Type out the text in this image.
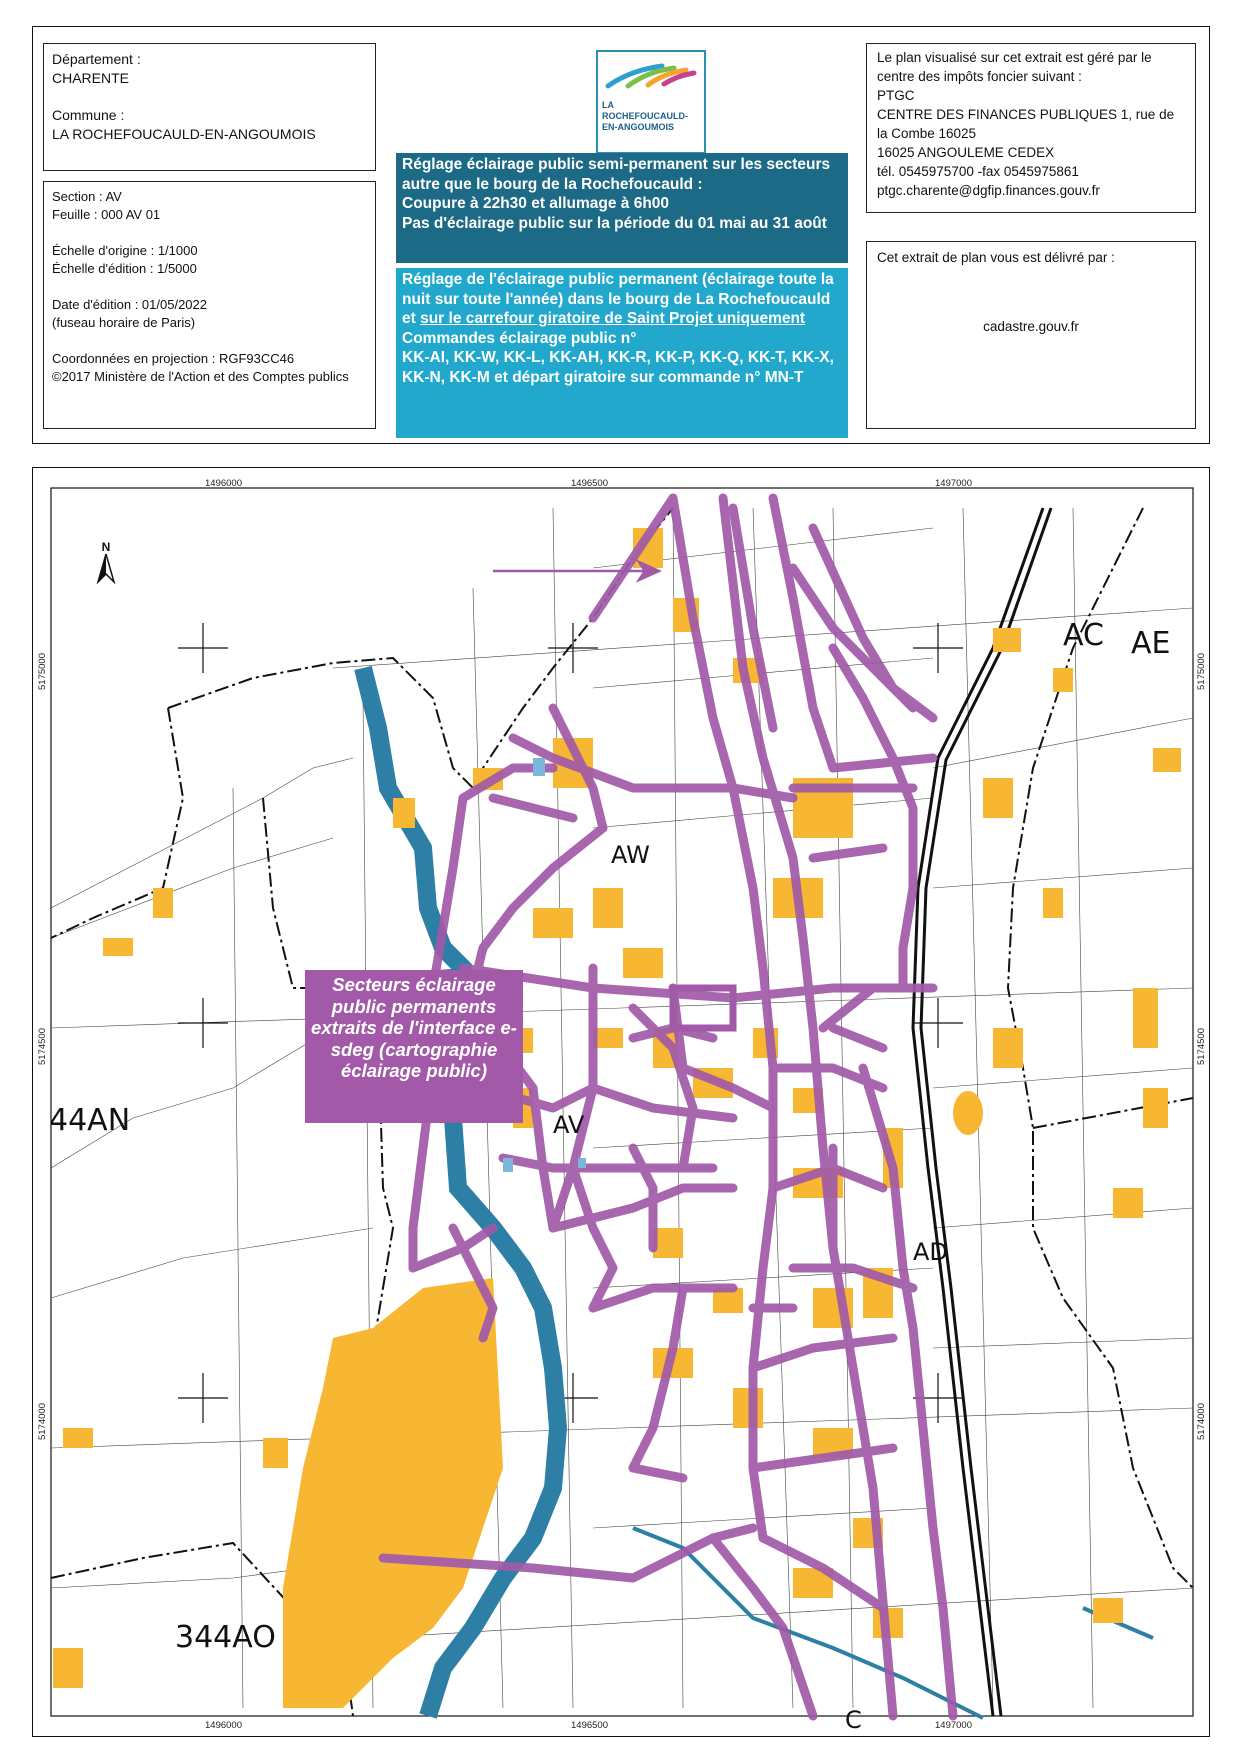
Département :
CHARENTE
Commune :
LA ROCHEFOUCAULD-EN-ANGOUMOIS
Section : AV
Feuille : 000 AV 01
Échelle d'origine : 1/1000
Échelle d'édition : 1/5000
Date d'édition : 01/05/2022
(fuseau horaire de Paris)
Coordonnées en projection : RGF93CC46
©2017 Ministère de l'Action et des Comptes publics
LA ROCHEFOUCAULD-
EN-ANGOUMOIS
Réglage éclairage public semi-permanent sur les secteurs autre que le bourg de la Rochefoucauld :
Coupure à 22h30 et allumage à 6h00
Pas d'éclairage public sur la période du 01 mai au 31 août
Réglage de l'éclairage public permanent (éclairage toute la nuit sur toute l'année) dans le bourg de La Rochefoucauld et sur le carrefour giratoire de Saint Projet uniquement
Commandes éclairage public n°
KK-AI, KK-W, KK-L, KK-AH, KK-R, KK-P, KK-Q, KK-T, KK-X, KK-N, KK-M et départ giratoire sur commande n° MN-T
Le plan visualisé sur cet extrait est géré par le centre des impôts foncier suivant :
PTGC
CENTRE DES FINANCES PUBLIQUES 1, rue de la Combe 16025
16025 ANGOULEME CEDEX
tél. 0545975700 -fax 0545975861
ptgc.charente@dgfip.finances.gouv.fr
Cet extrait de plan vous est délivré par :
cadastre.gouv.fr
Secteurs éclairage public permanents extraits de l'interface e-sdeg (cartographie éclairage public)
N
1496000	1496500	1497000
1496000	1496500	1497000
5175000
5174500
5174000
5175000
5174500
5174000
AC AE
AW
44AN	AV
AD
344AO
C
